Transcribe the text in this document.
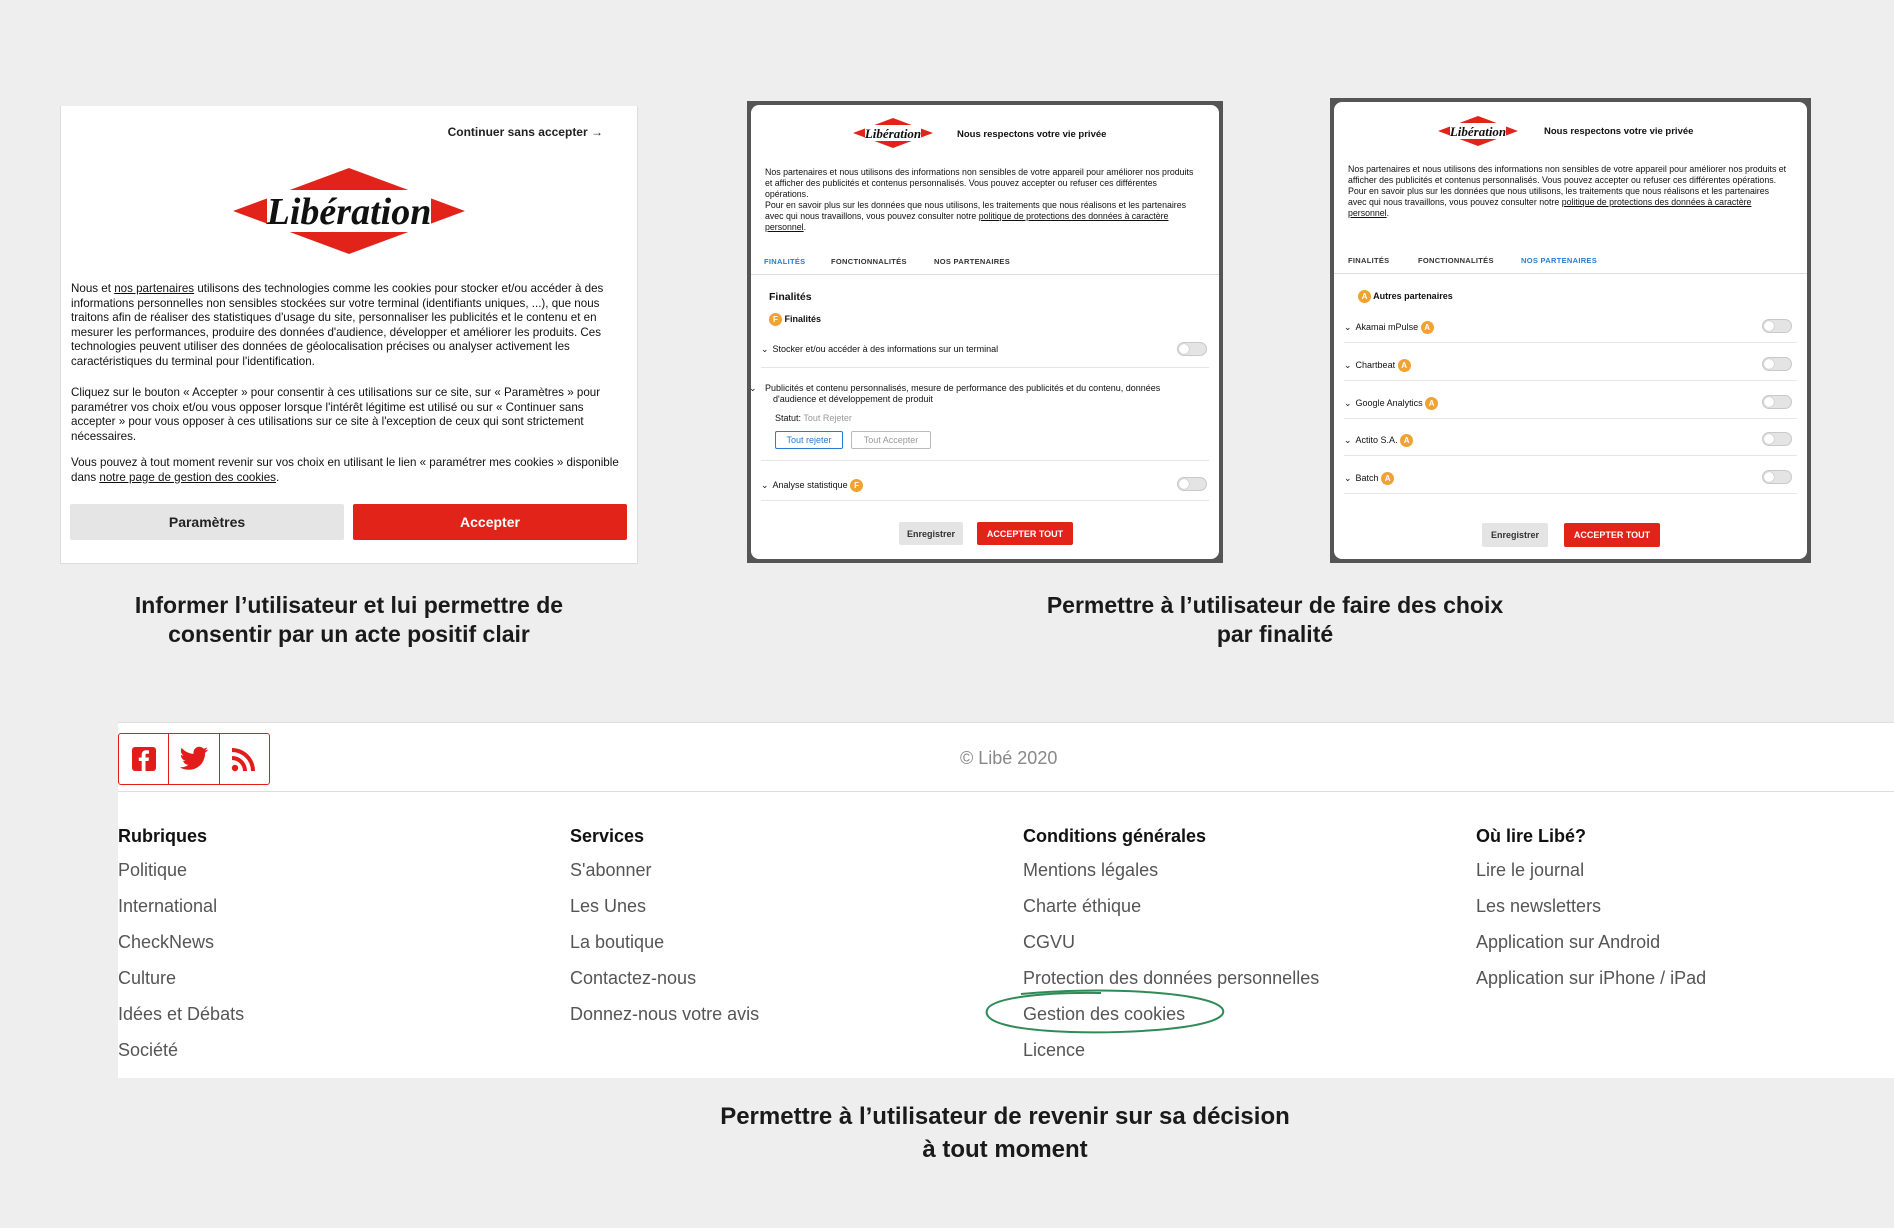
Continuer sans accepter →
Libération

Nous et nos partenaires utilisons des technologies comme les cookies pour stocker et/ou accéder à des informations personnelles non sensibles stockées sur votre terminal (identifiants uniques, ...), que nous traitons afin de réaliser des statistiques d'usage du site, personnaliser les publicités et le contenu et en mesurer les performances, produire des données d'audience, développer et améliorer les produits. Ces technologies peuvent utiliser des données de géolocalisation précises ou analyser activement les caractéristiques du terminal pour l'identification.

Cliquez sur le bouton « Accepter » pour consentir à ces utilisations sur ce site, sur « Paramètres » pour paramétrer vos choix et/ou vous opposer lorsque l'intérêt légitime est utilisé ou sur « Continuer sans accepter » pour vous opposer à ces utilisations sur ce site à l'exception de ceux qui sont strictement nécessaires.

Vous pouvez à tout moment revenir sur vos choix en utilisant le lien « paramétrer mes cookies » disponible dans notre page de gestion des cookies.

Paramètres	Accepter
Informer l’utilisateur et lui permettre de
consentir par un acte positif clair
Libération	Nous respectons votre vie privée
Nos partenaires et nous utilisons des informations non sensibles de votre appareil pour améliorer nos produits et afficher des publicités et contenus personnalisés. Vous pouvez accepter ou refuser ces différentes opérations.
Pour en savoir plus sur les données que nous utilisons, les traitements que nous réalisons et les partenaires avec qui nous travaillons, vous pouvez consulter notre politique de protections des données à caractère personnel.
FINALITÉS	FONCTIONNALITÉS	NOS PARTENAIRES
Finalités
F Finalités
⌄ Stocker et/ou accéder à des informations sur un terminal
⌄ Publicités et contenu personnalisés, mesure de performance des publicités et du contenu, données d'audience et développement de produit
Statut: Tout Rejeter
Tout rejeter	Tout Accepter
⌄ Analyse statistique F
Enregistrer	ACCEPTER TOUT
Libération	Nous respectons votre vie privée
Nos partenaires et nous utilisons des informations non sensibles de votre appareil pour améliorer nos produits et afficher des publicités et contenus personnalisés. Vous pouvez accepter ou refuser ces différentes opérations.
Pour en savoir plus sur les données que nous utilisons, les traitements que nous réalisons et les partenaires avec qui nous travaillons, vous pouvez consulter notre politique de protections des données à caractère personnel.
FINALITÉS	FONCTIONNALITÉS	NOS PARTENAIRES
A Autres partenaires
⌄ Akamai mPulse A
⌄ Chartbeat A
⌄ Google Analytics A
⌄ Actito S.A. A
⌄ Batch A
Enregistrer	ACCEPTER TOUT
Permettre à l’utilisateur de faire des choix
par finalité
© Libé 2020
Rubriques
Politique
International
CheckNews
Culture
Idées et Débats
Société
Services
S'abonner
Les Unes
La boutique
Contactez-nous
Donnez-nous votre avis
Conditions générales
Mentions légales
Charte éthique
CGVU
Protection des données personnelles
Gestion des cookies
Licence
Où lire Libé?
Lire le journal
Les newsletters
Application sur Android
Application sur iPhone / iPad
Permettre à l’utilisateur de revenir sur sa décision
à tout moment
